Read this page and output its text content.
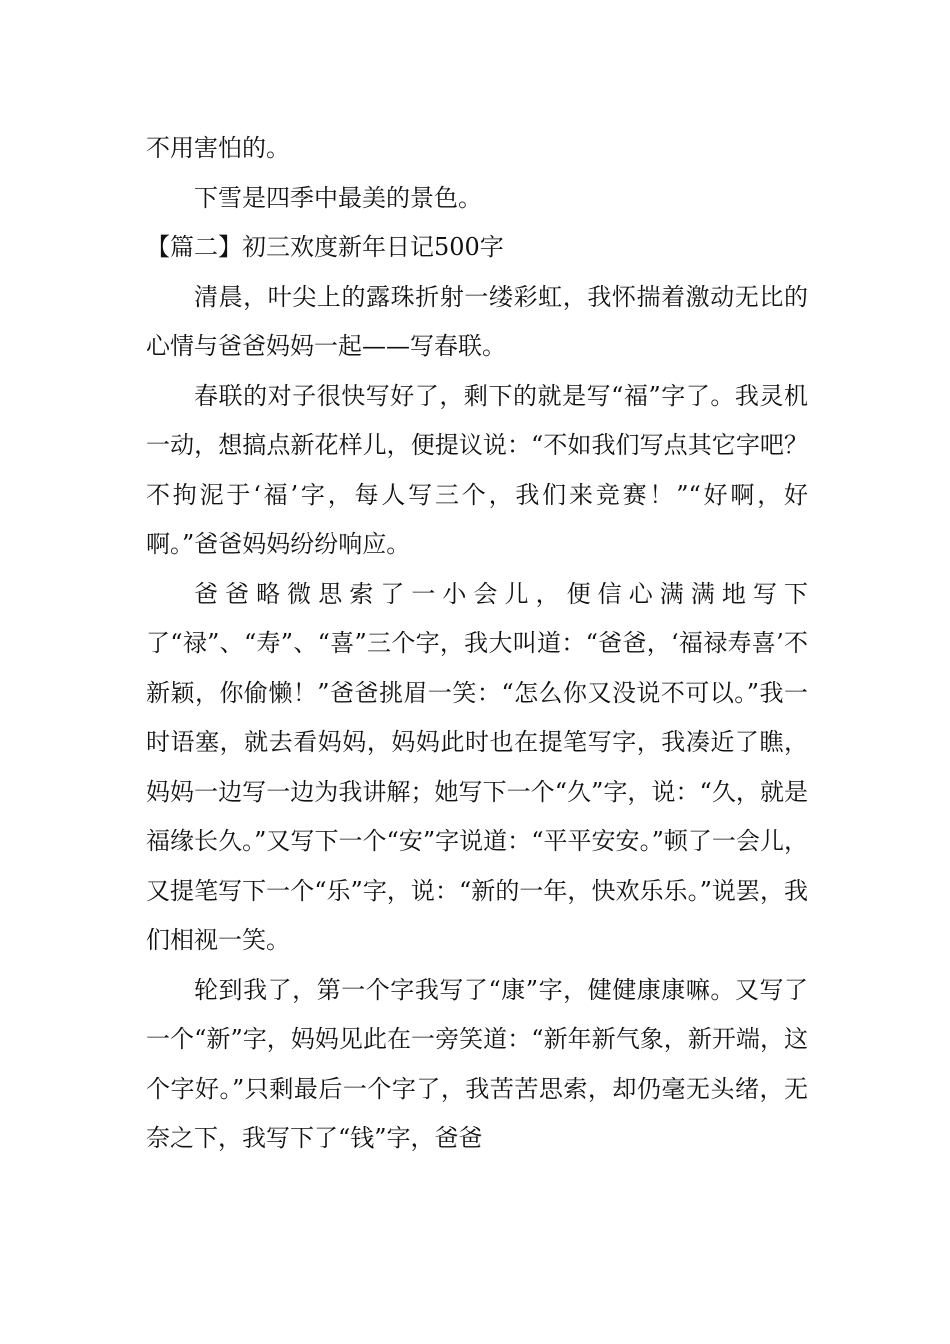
不用害怕的。

下雪是四季中最美的景色。

【篇二】初三欢度新年日记500字

清晨，叶尖上的露珠折射一缕彩虹，我怀揣着激动无比的心情与爸爸妈妈一起——写春联。

春联的对子很快写好了，剩下的就是写“福”字了。我灵机一动，想搞点新花样儿，便提议说：“不如我们写点其它字吧？不拘泥于‘福’字，每人写三个，我们来竞赛！”“好啊，好啊。”爸爸妈妈纷纷响应。

爸爸略微思索了一小会儿，便信心满满地写下了“禄”、“寿”、“喜”三个字，我大叫道：“爸爸，‘福禄寿喜’不新颖，你偷懒！”爸爸挑眉一笑：“怎么你又没说不可以。”我一时语塞，就去看妈妈，妈妈此时也在提笔写字，我凑近了瞧，妈妈一边写一边为我讲解；她写下一个“久”字，说：“久，就是福缘长久。”又写下一个“安”字说道：“平平安安。”顿了一会儿，又提笔写下一个“乐”字，说：“新的一年，快欢乐乐。”说罢，我们相视一笑。

轮到我了，第一个字我写了“康”字，健健康康嘛。又写了一个“新”字，妈妈见此在一旁笑道：“新年新气象，新开端，这个字好。”只剩最后一个字了，我苦苦思索，却仍毫无头绪，无奈之下，我写下了“钱”字，爸爸
